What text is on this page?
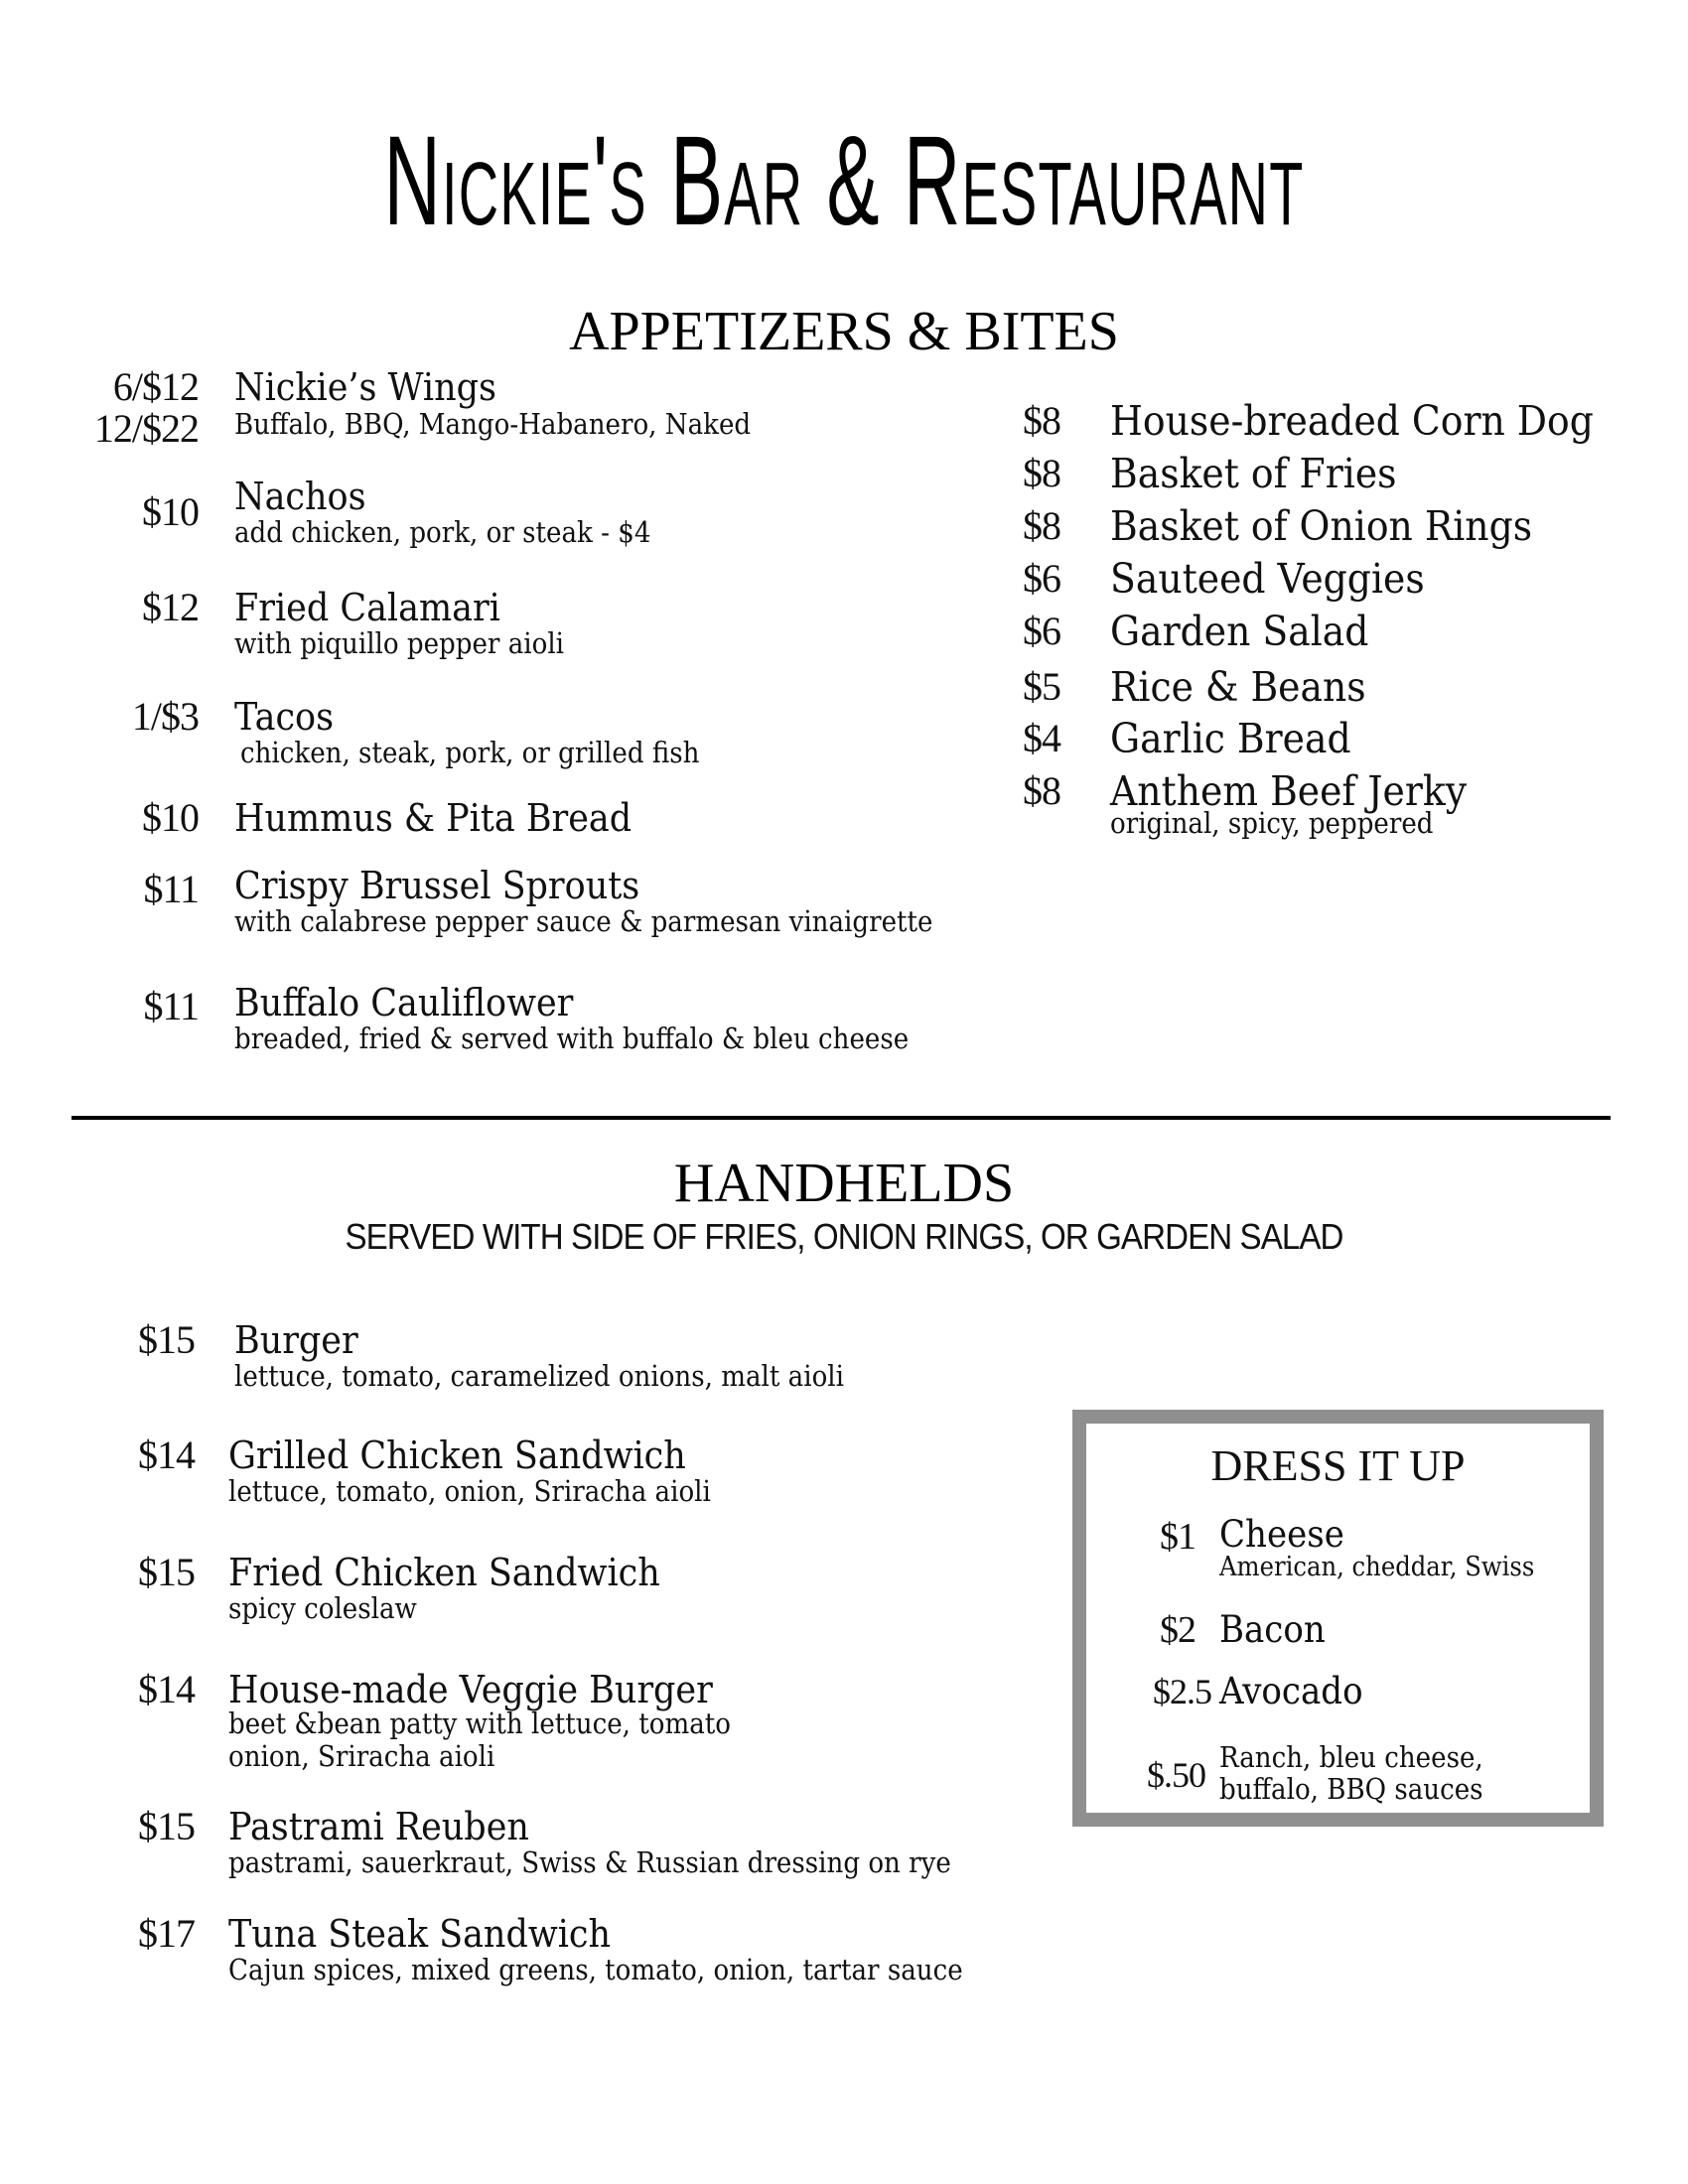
Nickie's Bar & Restaurant
APPETIZERS & BITES
6/$12
12/$22
Nickie’s Wings
Buffalo, BBQ, Mango-Habanero, Naked
$10 Nachos
add chicken, pork, or steak - $4
$12 Fried Calamari
with piquillo pepper aioli
1/$3 Tacos
chicken, steak, pork, or grilled fish
$10 Hummus & Pita Bread
$11 Crispy Brussel Sprouts
with calabrese pepper sauce & parmesan vinaigrette
$11 Buffalo Cauliflower
breaded, fried & served with buffalo & bleu cheese
$8 House-breaded Corn Dog
$8 Basket of Fries
$8 Basket of Onion Rings
$6 Sauteed Veggies
$6 Garden Salad
$5 Rice & Beans
$4 Garlic Bread
$8 Anthem Beef Jerky
original, spicy, peppered
HANDHELDS
SERVED WITH SIDE OF FRIES, ONION RINGS, OR GARDEN SALAD
$15 Burger
lettuce, tomato, caramelized onions, malt aioli
$14 Grilled Chicken Sandwich
lettuce, tomato, onion, Sriracha aioli
$15 Fried Chicken Sandwich
spicy coleslaw
$14 House-made Veggie Burger
beet &bean patty with lettuce, tomato
onion, Sriracha aioli
$15 Pastrami Reuben
pastrami, sauerkraut, Swiss & Russian dressing on rye
$17 Tuna Steak Sandwich
Cajun spices, mixed greens, tomato, onion, tartar sauce
DRESS IT UP
$1 Cheese
American, cheddar, Swiss
$2 Bacon
$2.5 Avocado
$.50 Ranch, bleu cheese,
buffalo, BBQ sauces
